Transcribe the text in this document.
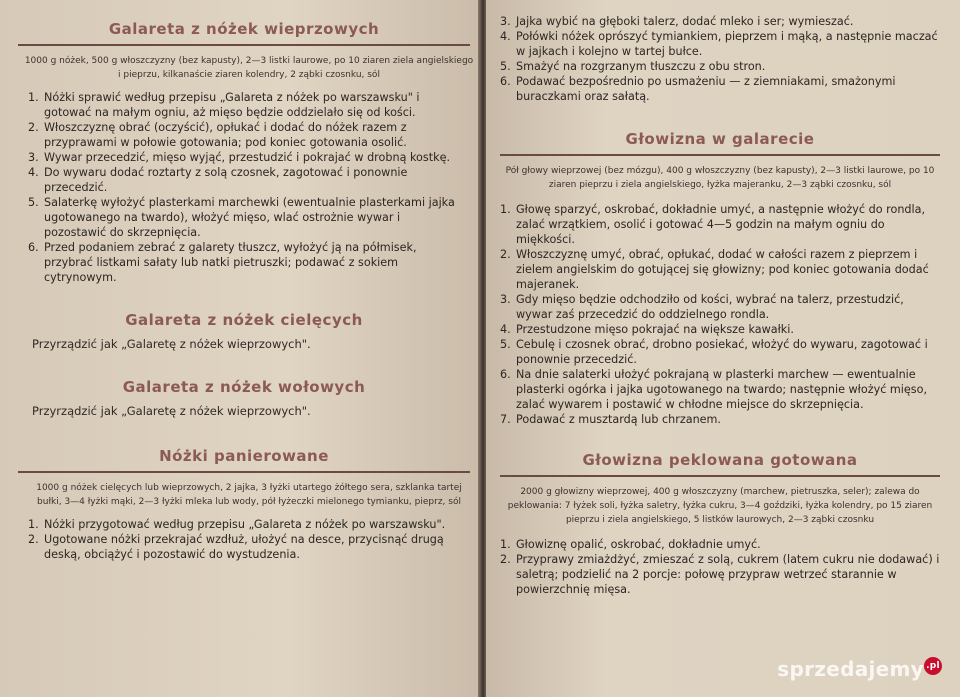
Galareta z nóżek wieprzowych

1000 g nóżek, 500 g włoszczyzny (bez kapusty), 2—3 listki laurowe, po 10 ziaren ziela angielskiego i pieprzu, kilkanaście ziaren kolendry, 2 ząbki czosnku, sól

1. Nóżki sprawić według przepisu „Galareta z nóżek po warszawsku" i gotować na małym ogniu, aż mięso będzie oddzielało się od kości.
2. Włoszczyznę obrać (oczyścić), opłukać i dodać do nóżek razem z przyprawami w połowie gotowania; pod koniec gotowania osolić.
3. Wywar przecedzić, mięso wyjąć, przestudzić i pokrajać w drobną kostkę.
4. Do wywaru dodać roztarty z solą czosnek, zagotować i ponownie przecedzić.
5. Salaterkę wyłożyć plasterkami marchewki (ewentualnie plasterkami jajka ugotowanego na twardo), włożyć mięso, wlać ostrożnie wywar i pozostawić do skrzepnięcia.
6. Przed podaniem zebrać z galarety tłuszcz, wyłożyć ją na półmisek, przybrać listkami sałaty lub natki pietruszki; podawać z sokiem cytrynowym.
Galareta z nóżek cielęcych

Przyrządzić jak „Galaretę z nóżek wieprzowych".

Galareta z nóżek wołowych

Przyrządzić jak „Galaretę z nóżek wieprzowych".

Nóżki panierowane

1000 g nóżek cielęcych lub wieprzowych, 2 jajka, 3 łyżki utartego żółtego sera, szklanka tartej bułki, 3—4 łyżki mąki, 2—3 łyżki mleka lub wody, pół łyżeczki mielonego tymianku, pieprz, sól

1. Nóżki przygotować według przepisu „Galareta z nóżek po warszawsku".
2. Ugotowane nóżki przekrajać wzdłuż, ułożyć na desce, przycisnąć drugą deską, obciążyć i pozostawić do wystudzenia.
3. Jajka wybić na głęboki talerz, dodać mleko i ser; wymieszać.
4. Połówki nóżek oprószyć tymiankiem, pieprzem i mąką, a następnie maczać w jajkach i kolejno w tartej bułce.
5. Smażyć na rozgrzanym tłuszczu z obu stron.
6. Podawać bezpośrednio po usmażeniu — z ziemniakami, smażonymi buraczkami oraz sałatą.
Głowizna w galarecie

Pół głowy wieprzowej (bez mózgu), 400 g włoszczyzny (bez kapusty), 2—3 listki laurowe, po 10 ziaren pieprzu i ziela angielskiego, łyżka majeranku, 2—3 ząbki czosnku, sól

1. Głowę sparzyć, oskrobać, dokładnie umyć, a następnie włożyć do rondla, zalać wrzątkiem, osolić i gotować 4—5 godzin na małym ogniu do miękkości.
2. Włoszczyznę umyć, obrać, opłukać, dodać w całości razem z pieprzem i zielem angielskim do gotującej się głowizny; pod koniec gotowania dodać majeranek.
3. Gdy mięso będzie odchodziło od kości, wybrać na talerz, przestudzić, wywar zaś przecedzić do oddzielnego rondla.
4. Przestudzone mięso pokrajać na większe kawałki.
5. Cebulę i czosnek obrać, drobno posiekać, włożyć do wywaru, zagotować i ponownie przecedzić.
6. Na dnie salaterki ułożyć pokrajaną w plasterki marchew — ewentualnie plasterki ogórka i jajka ugotowanego na twardo; następnie włożyć mięso, zalać wywarem i postawić w chłodne miejsce do skrzepnięcia.
7. Podawać z musztardą lub chrzanem.
Głowizna peklowana gotowana

2000 g głowizny wieprzowej, 400 g włoszczyzny (marchew, pietruszka, seler); zalewa do peklowania: 7 łyżek soli, łyżka saletry, łyżka cukru, 3—4 goździki, łyżka kolendry, po 15 ziaren pieprzu i ziela angielskiego, 5 listków laurowych, 2—3 ząbki czosnku

1. Głowiznę opalić, oskrobać, dokładnie umyć.
2. Przyprawy zmiażdżyć, zmieszać z solą, cukrem (latem cukru nie dodawać) i saletrą; podzielić na 2 porcje: połowę przypraw wetrzeć starannie w powierzchnię mięsa.
sprzedajemy .pl
